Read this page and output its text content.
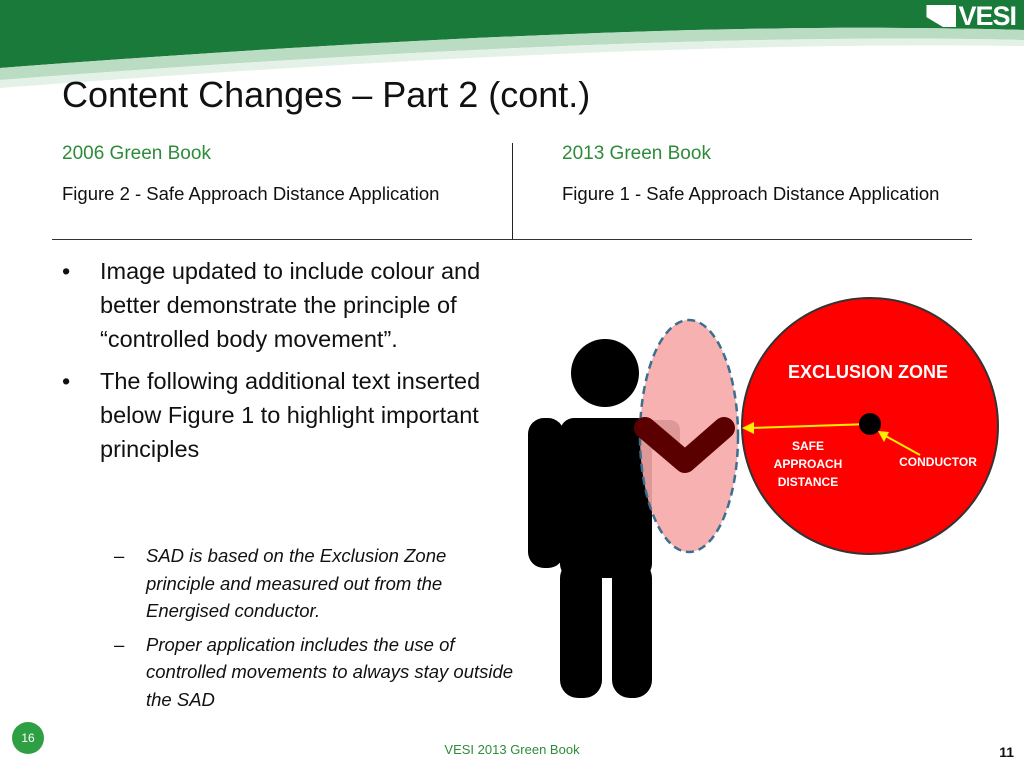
VESI
Content Changes – Part 2 (cont.)
2006 Green Book	2013 Green Book
Figure 2 - Safe Approach Distance Application	Figure 1 - Safe Approach Distance Application
• Image updated to include colour and better demonstrate the principle of “controlled body movement”.
• The following additional text inserted below Figure 1 to highlight important principles
– SAD is based on the Exclusion Zone principle and measured out from the Energised conductor.
– Proper application includes the use of controlled movements to always stay outside the SAD
EXCLUSION ZONE
SAFE
APPROACH
DISTANCE
CONDUCTOR
16
VESI 2013 Green Book	11
